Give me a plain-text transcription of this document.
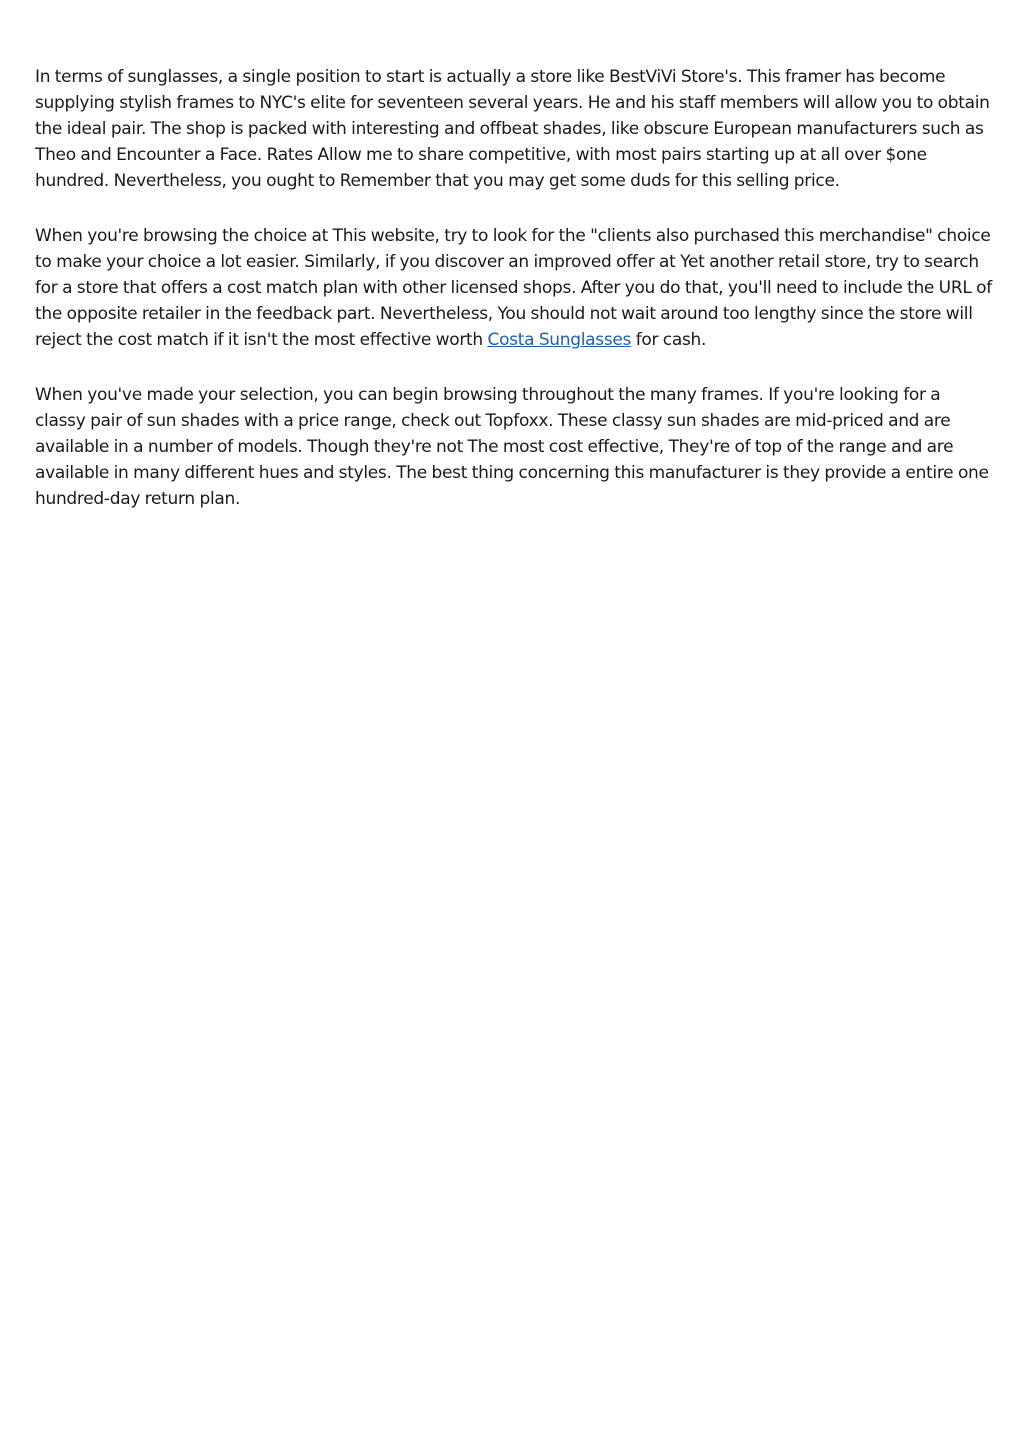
In terms of sunglasses, a single position to start is actually a store like BestViVi Store's. This framer has become supplying stylish frames to NYC's elite for seventeen several years. He and his staff members will allow you to obtain the ideal pair. The shop is packed with interesting and offbeat shades, like obscure European manufacturers such as Theo and Encounter a Face. Rates Allow me to share competitive, with most pairs starting up at all over $one hundred. Nevertheless, you ought to Remember that you may get some duds for this selling price.

When you're browsing the choice at This website, try to look for the "clients also purchased this merchandise" choice to make your choice a lot easier. Similarly, if you discover an improved offer at Yet another retail store, try to search for a store that offers a cost match plan with other licensed shops. After you do that, you'll need to include the URL of the opposite retailer in the feedback part. Nevertheless, You should not wait around too lengthy since the store will reject the cost match if it isn't the most effective worth Costa Sunglasses for cash.

When you've made your selection, you can begin browsing throughout the many frames. If you're looking for a classy pair of sun shades with a price range, check out Topfoxx. These classy sun shades are mid-priced and are available in a number of models. Though they're not The most cost effective, They're of top of the range and are available in many different hues and styles. The best thing concerning this manufacturer is they provide a entire one hundred-day return plan.
